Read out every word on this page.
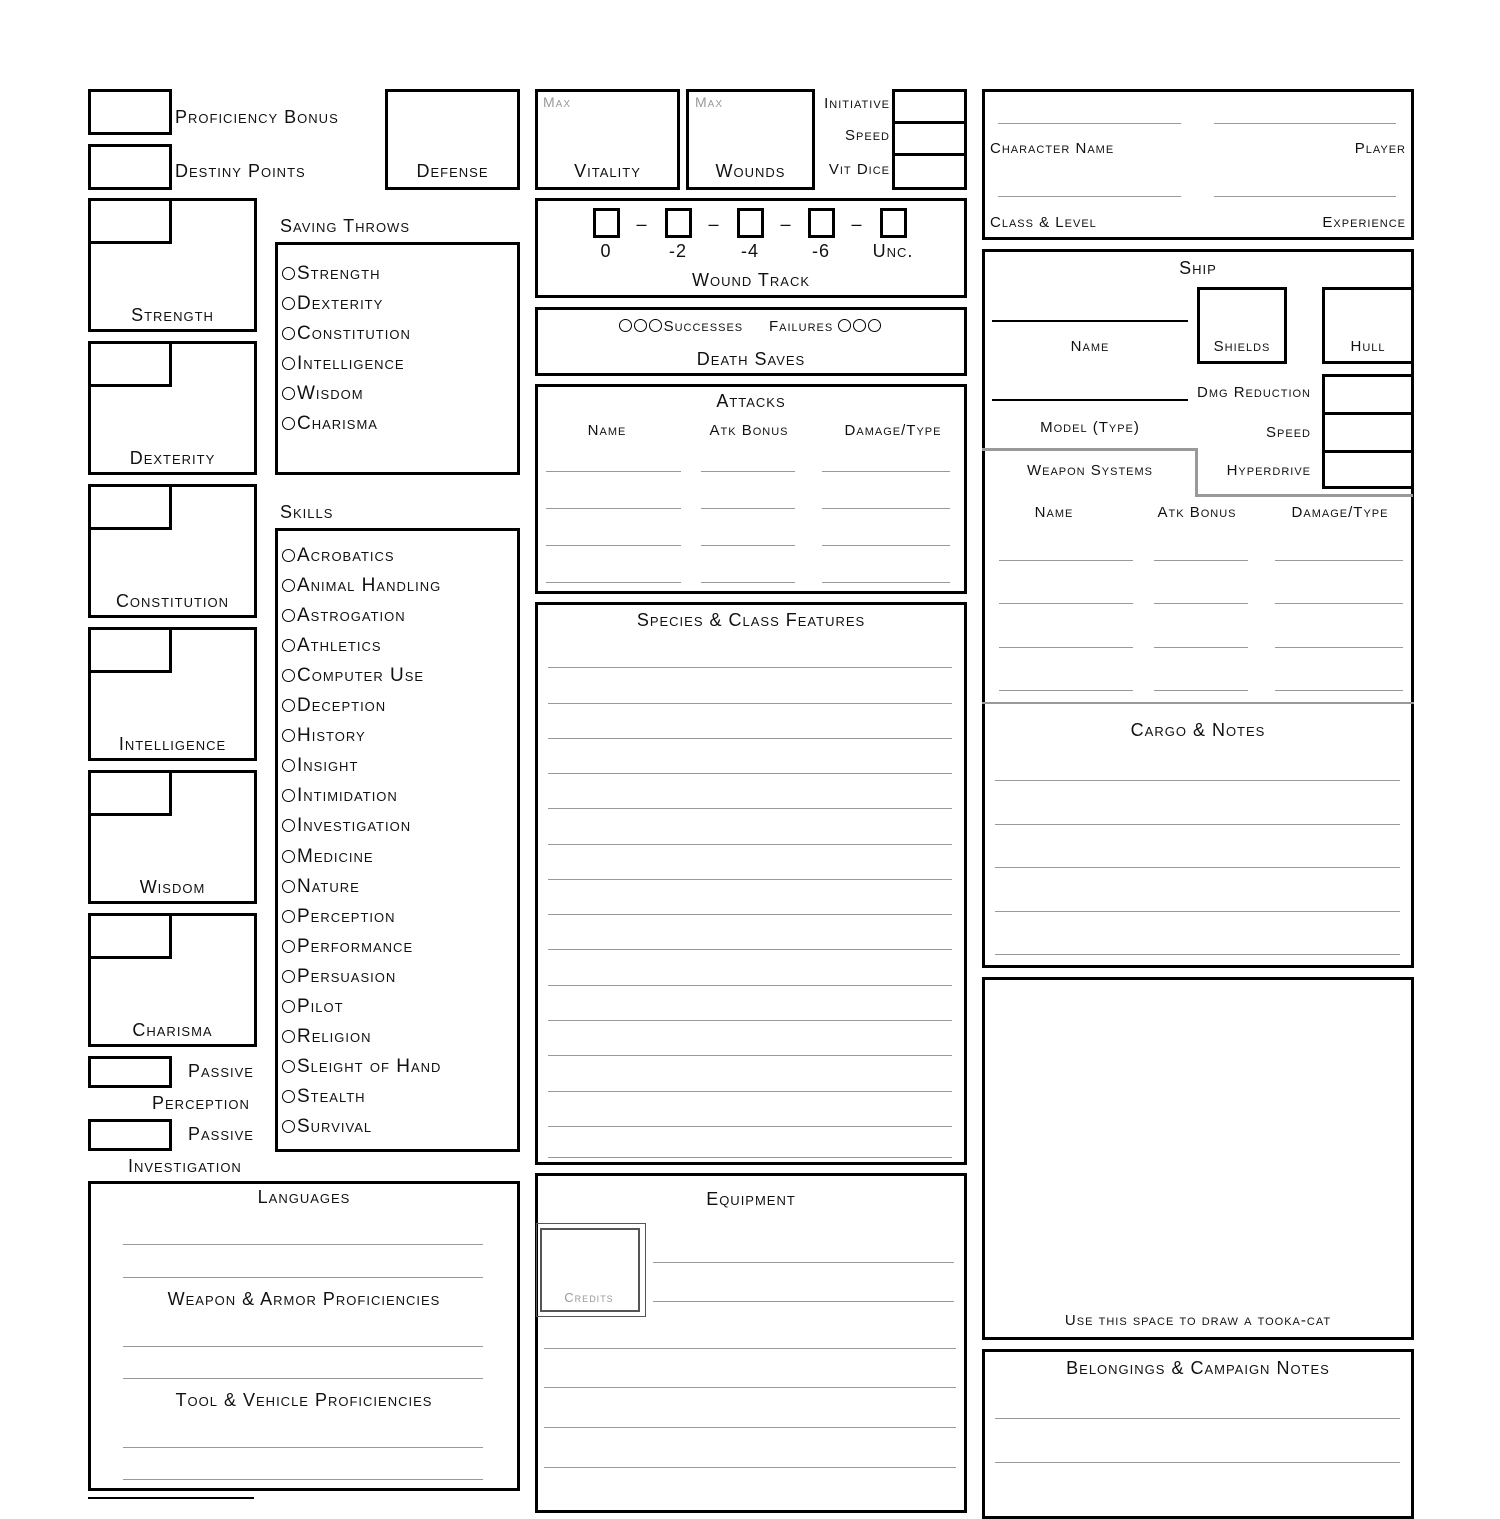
Proficiency Bonus
Destiny Points	Defense
Strength
Dexterity
Constitution
Intelligence
Wisdom
Charisma
Saving Throws
Strength
Dexterity
Constitution
Intelligence
Wisdom
Charisma
Skills
Acrobatics
Animal Handling
Astrogation
Athletics
Computer Use
Deception
History
Insight
Intimidation
Investigation
Medicine
Nature
Perception
Performance
Persuasion
Pilot
Religion
Sleight of Hand
Stealth
Survival
Passive
Perception
Passive
Investigation
Languages
Weapon & Armor Proficiencies
Tool & Vehicle Proficiencies
Max
Vitality
Max
Wounds
Initiative
Speed
Vit Dice
0
–
-2
–
-4
–
-6
–
Unc.
Wound Track
Successes Failures
Death Saves
Attacks
Name	Atk Bonus	Damage/Type
Species & Class Features
Equipment
Credits
Character Name	Player
Class & Level	Experience
Ship
Name	Shields	Hull
Dmg Reduction
Model (Type)	Speed
Hyperdrive
Weapon Systems
Name	Atk Bonus	Damage/Type
Cargo & Notes
Use this space to draw a tooka-cat
Belongings & Campaign Notes
